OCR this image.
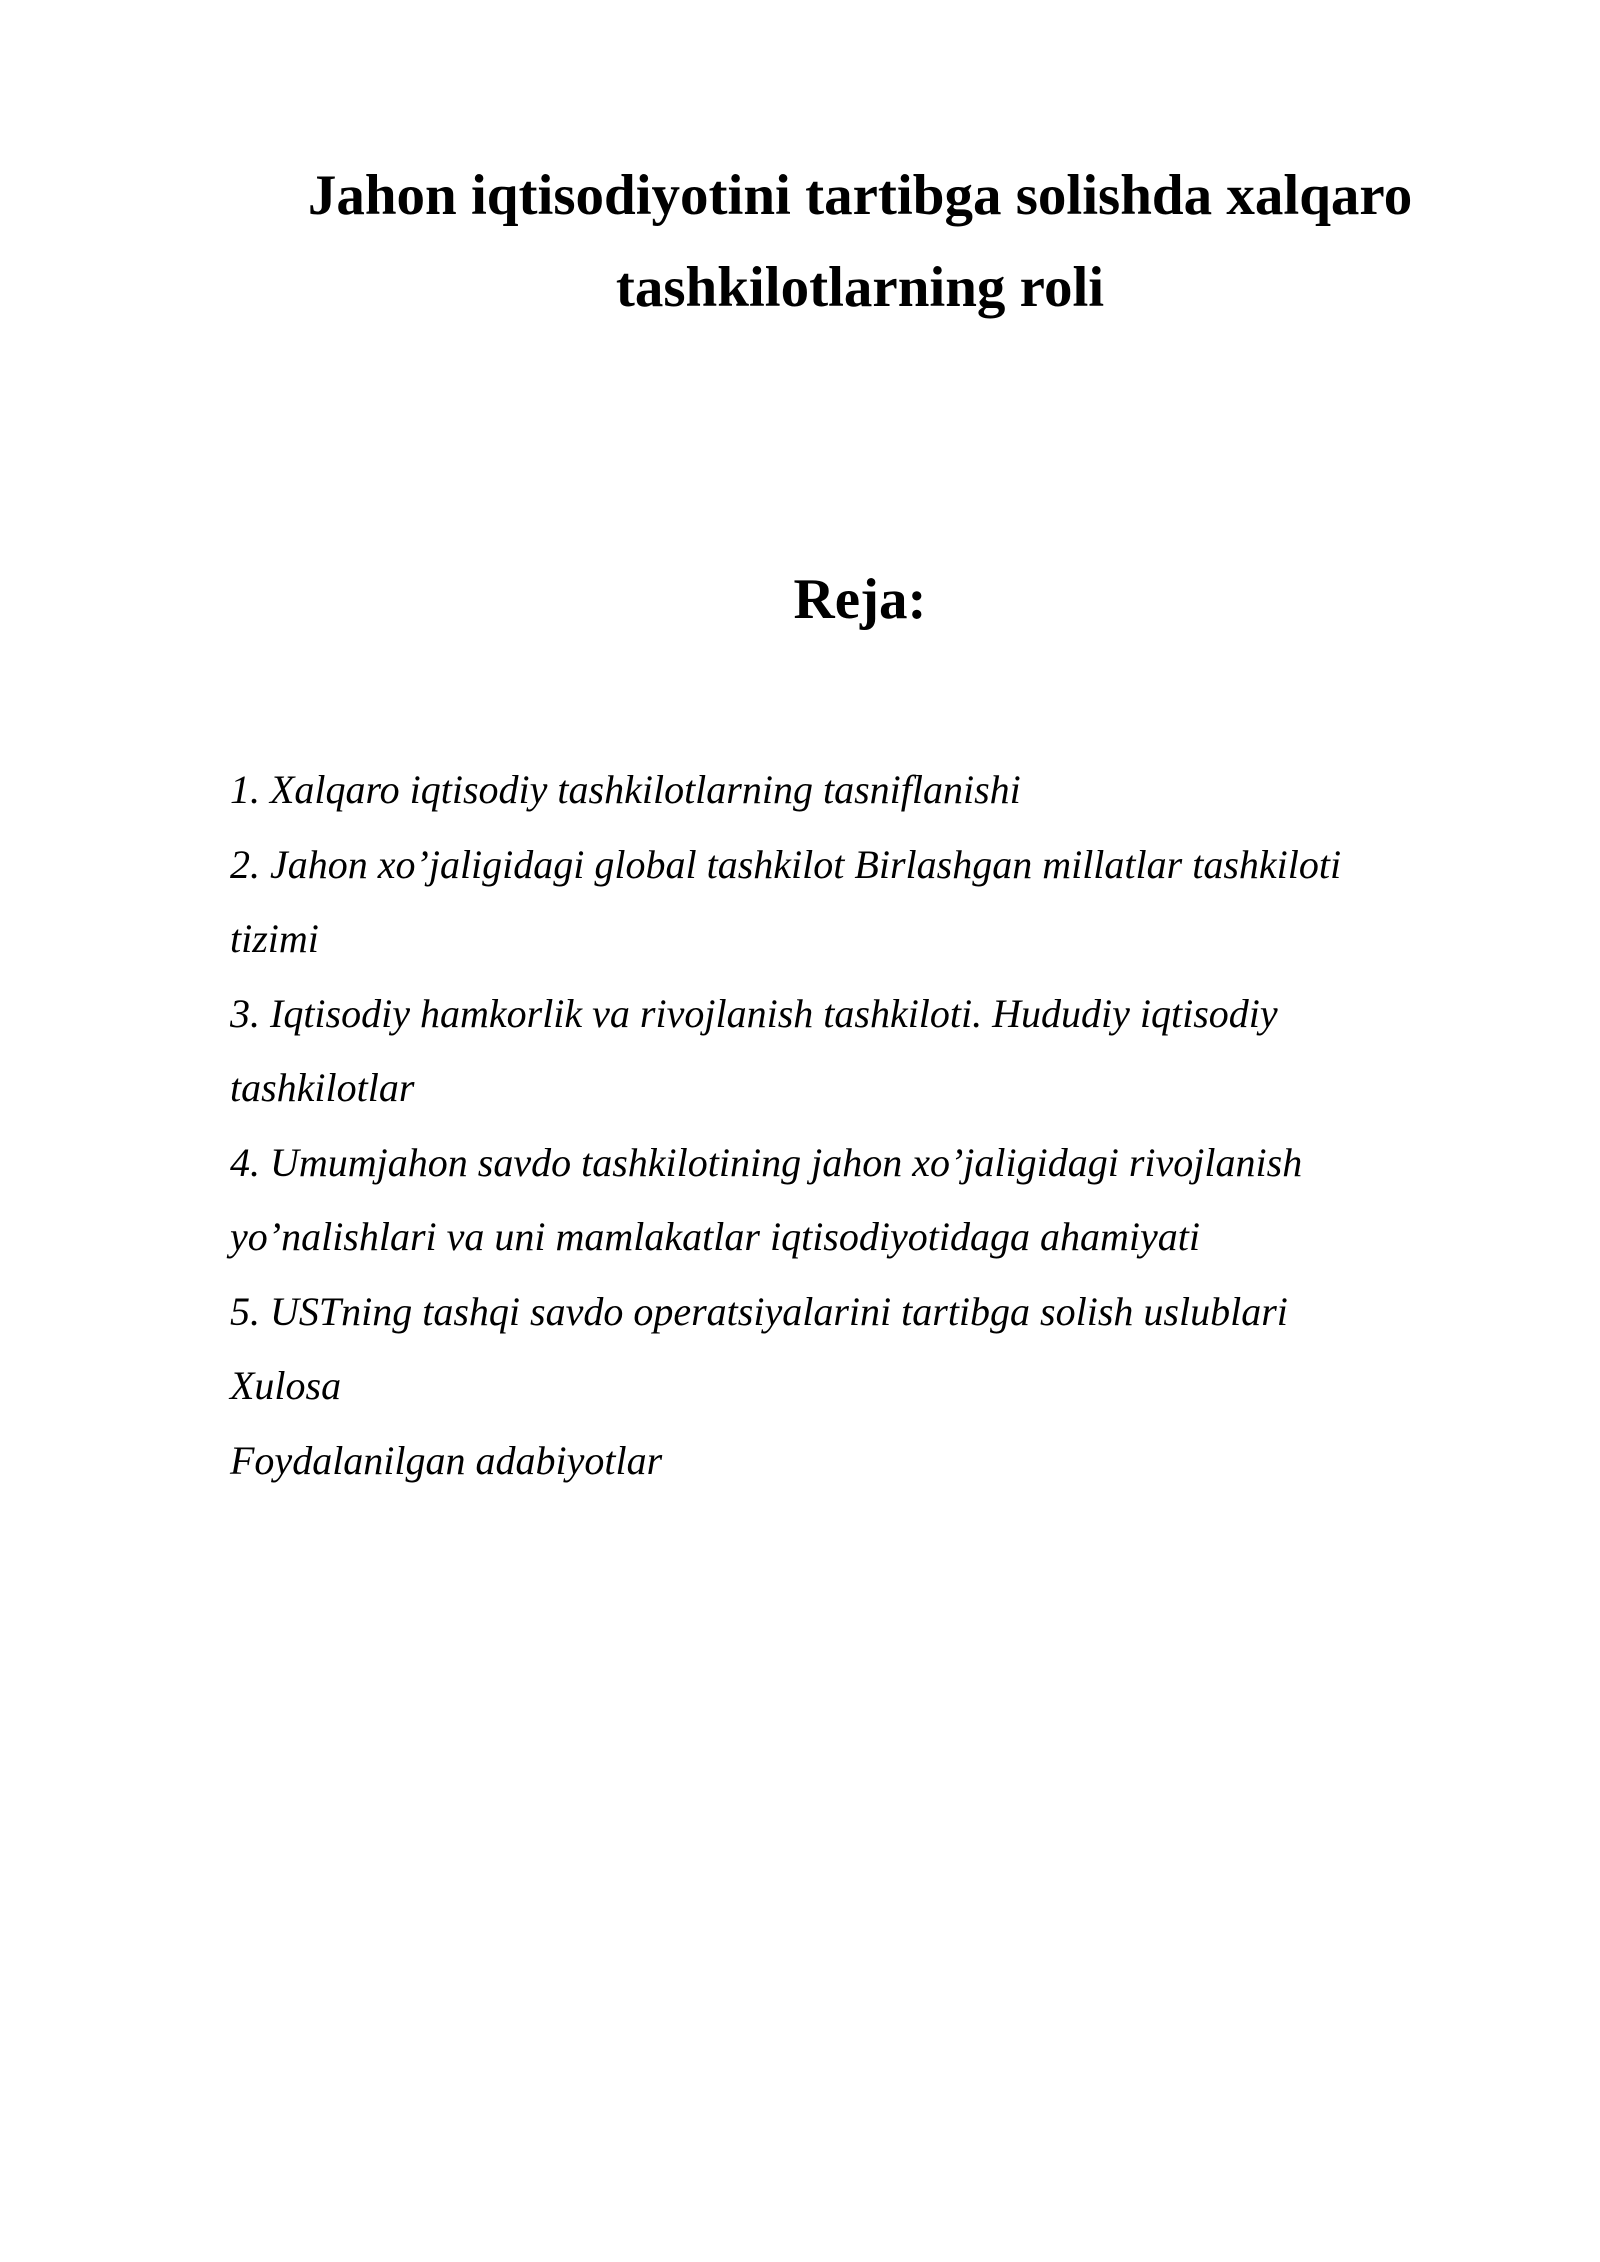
Jahon iqtisodiyotini tartibga solishda xalqaro
tashkilotlarning roli
Reja:
1. Xalqaro iqtisodiy tashkilotlarning tasniflanishi
2. Jahon xo’jaligidagi global tashkilot Birlashgan millatlar tashkiloti
tizimi
3. Iqtisodiy hamkorlik va rivojlanish tashkiloti. Hududiy iqtisodiy
tashkilotlar
4. Umumjahon savdo tashkilotining jahon xo’jaligidagi rivojlanish
yo’nalishlari va uni mamlakatlar iqtisodiyotidaga ahamiyati
5. USTning tashqi savdo operatsiyalarini tartibga solish uslublari
Xulosa
Foydalanilgan adabiyotlar
